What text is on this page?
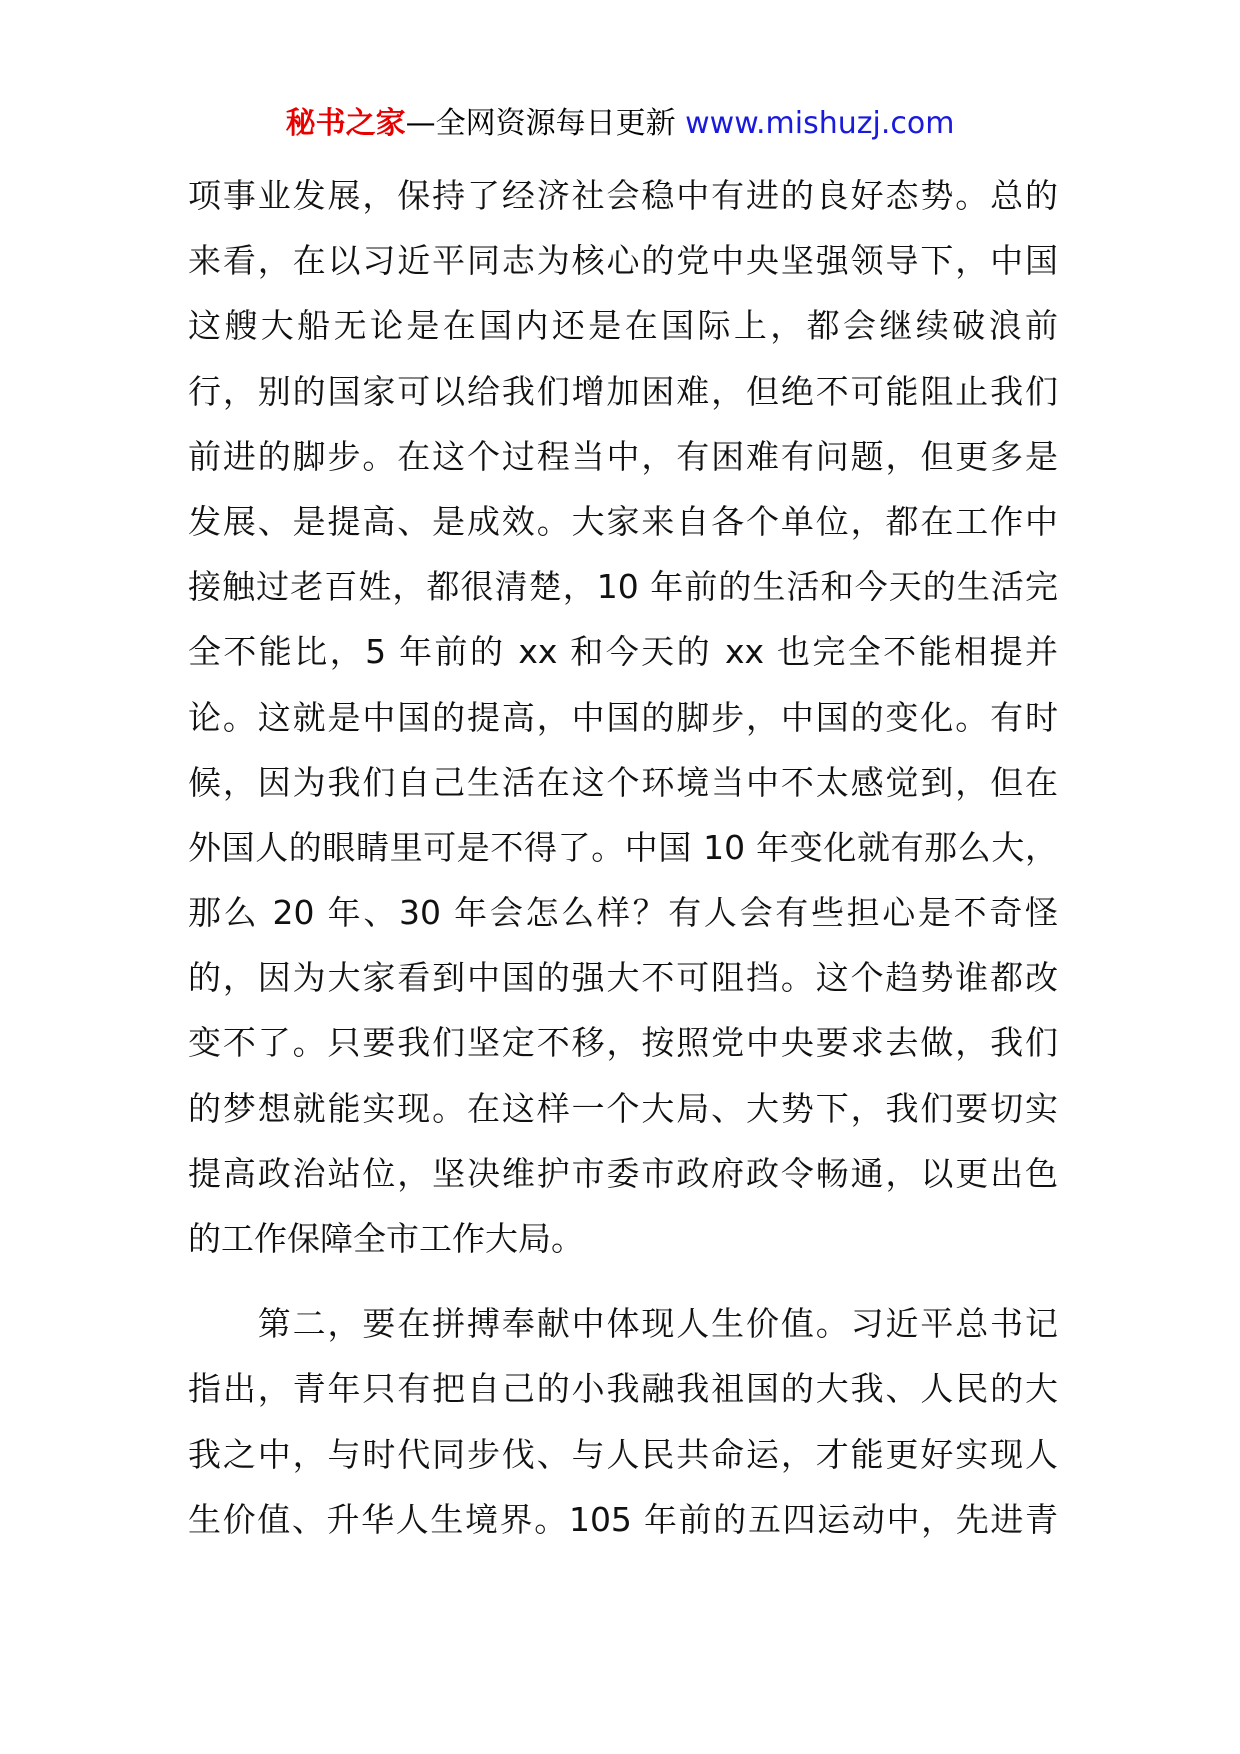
秘书之家—全网资源每日更新 www.mishuzj.com
项事业发展，保持了经济社会稳中有进的良好态势。总的
来看，在以习近平同志为核心的党中央坚强领导下，中国
这艘大船无论是在国内还是在国际上，都会继续破浪前
行，别的国家可以给我们增加困难，但绝不可能阻止我们
前进的脚步。在这个过程当中，有困难有问题，但更多是
发展、是提高、是成效。大家来自各个单位，都在工作中
接触过老百姓，都很清楚，10 年前的生活和今天的生活完
全不能比，5 年前的 xx 和今天的 xx 也完全不能相提并
论。这就是中国的提高，中国的脚步，中国的变化。有时
候，因为我们自己生活在这个环境当中不太感觉到，但在
外国人的眼睛里可是不得了。中国 10 年变化就有那么大，
那么 20 年、30 年会怎么样？有人会有些担心是不奇怪
的，因为大家看到中国的强大不可阻挡。这个趋势谁都改
变不了。只要我们坚定不移，按照党中央要求去做，我们
的梦想就能实现。在这样一个大局、大势下，我们要切实
提高政治站位，坚决维护市委市政府政令畅通，以更出色
的工作保障全市工作大局。
　　第二，要在拼搏奉献中体现人生价值。习近平总书记
指出，青年只有把自己的小我融我祖国的大我、人民的大
我之中，与时代同步伐、与人民共命运，才能更好实现人
生价值、升华人生境界。105 年前的五四运动中，先进青
